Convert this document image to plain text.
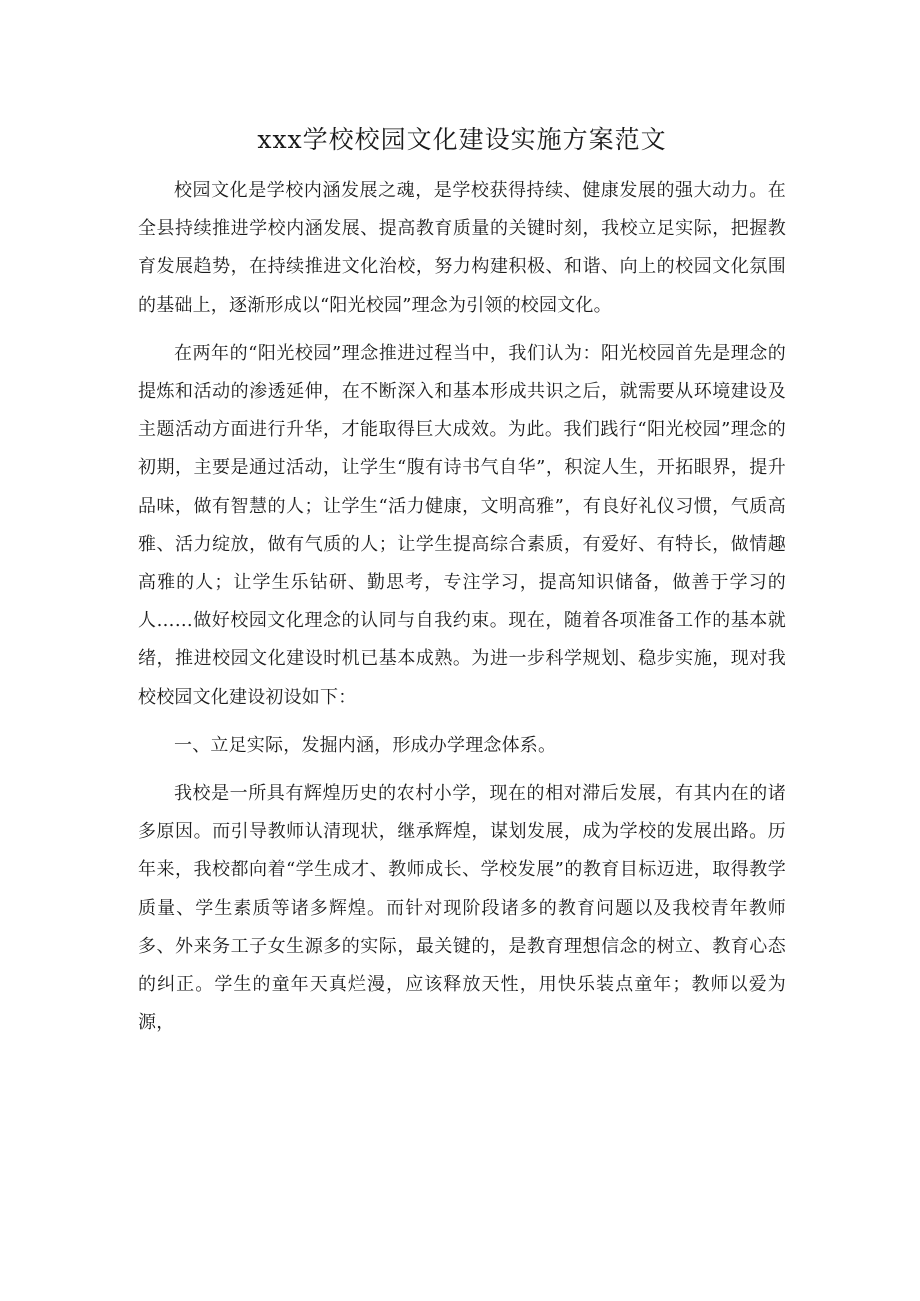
xxx学校校园文化建设实施方案范文

校园文化是学校内涵发展之魂，是学校获得持续、健康发展的强大动力。在全县持续推进学校内涵发展、提高教育质量的关键时刻，我校立足实际，把握教育发展趋势，在持续推进文化治校，努力构建积极、和谐、向上的校园文化氛围的基础上，逐渐形成以“阳光校园”理念为引领的校园文化。

在两年的“阳光校园”理念推进过程当中，我们认为：阳光校园首先是理念的提炼和活动的渗透延伸，在不断深入和基本形成共识之后，就需要从环境建设及主题活动方面进行升华，才能取得巨大成效。为此。我们践行“阳光校园”理念的初期，主要是通过活动，让学生“腹有诗书气自华”，积淀人生，开拓眼界，提升品味，做有智慧的人；让学生“活力健康，文明高雅”，有良好礼仪习惯，气质高雅、活力绽放，做有气质的人；让学生提高综合素质，有爱好、有特长，做情趣高雅的人；让学生乐钻研、勤思考，专注学习，提高知识储备，做善于学习的人……做好校园文化理念的认同与自我约束。现在，随着各项准备工作的基本就绪，推进校园文化建设时机已基本成熟。为进一步科学规划、稳步实施，现对我校校园文化建设初设如下：

一、立足实际，发掘内涵，形成办学理念体系。

我校是一所具有辉煌历史的农村小学，现在的相对滞后发展，有其内在的诸多原因。而引导教师认清现状，继承辉煌，谋划发展，成为学校的发展出路。历年来，我校都向着“学生成才、教师成长、学校发展”的教育目标迈进，取得教学质量、学生素质等诸多辉煌。而针对现阶段诸多的教育问题以及我校青年教师多、外来务工子女生源多的实际，最关键的，是教育理想信念的树立、教育心态的纠正。学生的童年天真烂漫，应该释放天性，用快乐装点童年；教师以爱为源，
